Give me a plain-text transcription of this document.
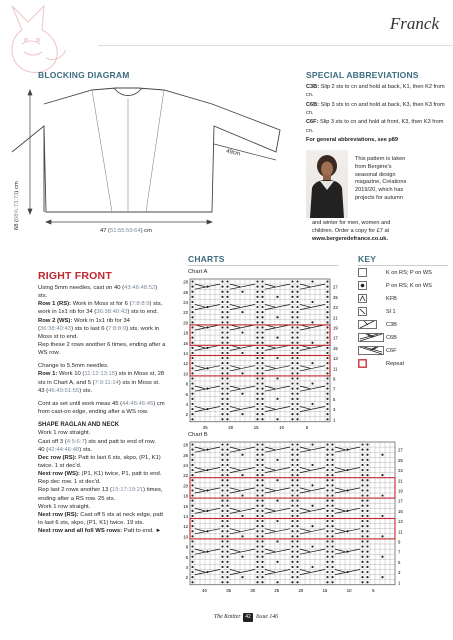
Franck
BLOCKING DIAGRAM
68 (68¾:73:73) cm
49cm
47 (51:55:59:64) cm
SPECIAL ABBREVIATIONS

C3B: Slip 2 sts to cn and hold at back, K1, then K2 from cn.

C6B: Slip 3 sts to cn and hold at back, K3, then K3 from cn.

C6F: Slip 3 sts to cn and hold at front, K3, then K3 from cn.

For general abbreviations, see p89

This pattern is taken
from Bergère's
seasonal design
magazine, Créations
2019/20, which has
projects for autumn
and winter for men, women and
children. Order a copy for £7 at
www.bergeredefrance.co.uk.
CHARTS	KEY
K on RS; P on WS
P on RS; K on WS
KFB
Sl 1
C3B
C6B
C6F
Repeat
Chart A
28
26
24
22
20
18
16
14
12
10
8
6
4
2
27
25
23
21
19
17
15
13
11
9
7
5
3
1
25	20	15	10	5
Chart B
28
26
24
22
20
18
16
14
12
10
8
6
4
2
27
25
23
21
19
17
15
13
11
9
7
5
3
1
40	35	30	25	20	15	10	5
RIGHT FRONT

Using 5mm needles, cast on 40 (43:46:48:52) sts.
Row 1 (RS): Work in Moss st for 6 (7:8:8:9) sts, work in 1x1 rib for 34 (36:38:40:43) sts to end.
Row 2 (WS): Work in 1x1 rib for 34 (36:38:40:43) sts to last 6 (7:8:8:9) sts, work in Moss st to end.
Rep these 2 rows another 6 times, ending after a WS row.

Change to 5.5mm needles.
Row 1: Work 10 (11:12:13:15) sts in Moss st, 28 sts in Chart A, and 5 (7:9:11:14) sts in Moss st.
43 (46:49:51:55) sts.

Cont as set until work meas 45 (44:48:46:45) cm from cast-on edge, ending after a WS row.

SHAPE RAGLAN AND NECK
Work 1 row straight.
Cast off 3 (4:5:6:7) sts and patt to end of row.
40 (42:44:46:48) sts.
Dec row (RS): Patt to last 6 sts, skpo, (P1, K1) twice. 1 st dec'd.
Next row (WS): (P1, K1) twice, P1, patt to end.
Rep dec row. 1 st dec'd.
Rep last 2 rows another 13 (15:17:19:21) times, ending after a RS row. 25 sts.
Work 1 row straight.
Next row (RS): Cast off 5 sts at neck edge, patt to last 6 sts, skpo, (P1, K1) twice. 19 sts.
Next row and all foll WS rows: Patt to end. ►
The Knitter 42 Issue 146
